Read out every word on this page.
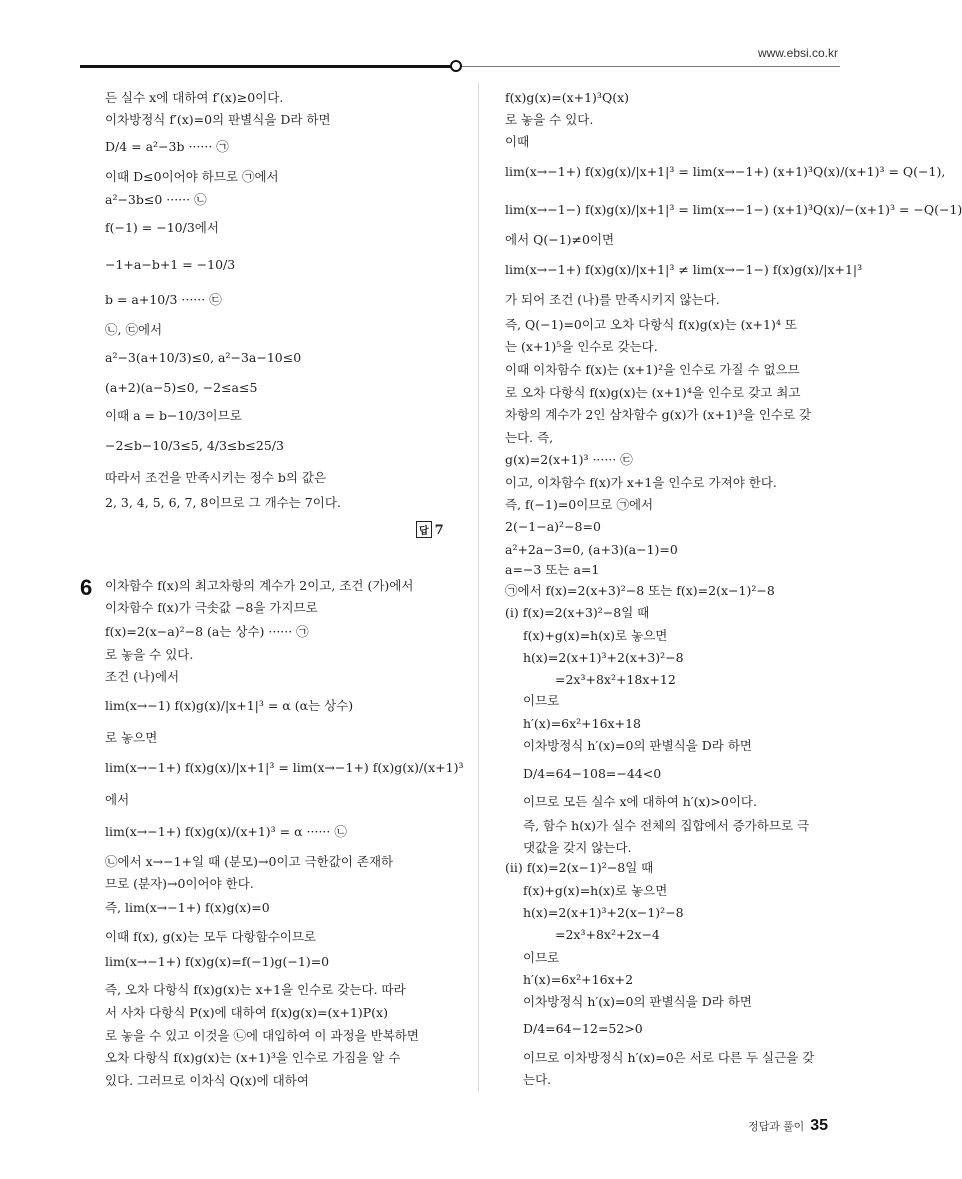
www.ebsi.co.kr
든 실수 x에 대하여 f′(x)≥0이다.
이차방정식 f′(x)=0의 판별식을 D라 하면
D/4 = a²−3b ······ ㉠
이때 D≤0이어야 하므로 ㉠에서
a²−3b≤0 ······ ㉡
f(−1) = −10/3에서
−1+a−b+1 = −10/3
b = a+10/3 ······ ㉢
㉡, ㉢에서
a²−3(a+10/3)≤0, a²−3a−10≤0
(a+2)(a−5)≤0, −2≤a≤5
이때 a = b−10/3이므로
−2≤b−10/3≤5, 4/3≤b≤25/3
따라서 조건을 만족시키는 정수 b의 값은
2, 3, 4, 5, 6, 7, 8이므로 그 개수는 7이다.
답 7
6 이차함수 f(x)의 최고차항의 계수가 2이고, 조건 (가)에서
이차함수 f(x)가 극솟값 −8을 가지므로
f(x)=2(x−a)²−8 (a는 상수) ······ ㉠
로 놓을 수 있다.
조건 (나)에서
lim(x→−1) f(x)g(x)/|x+1|³ = α (α는 상수)
로 놓으면
lim(x→−1+) f(x)g(x)/|x+1|³ = lim(x→−1+) f(x)g(x)/(x+1)³
에서
lim(x→−1+) f(x)g(x)/(x+1)³ = α ······ ㉡
㉡에서 x→−1+일 때 (분모)→0이고 극한값이 존재하
므로 (분자)→0이어야 한다.
즉, lim(x→−1+) f(x)g(x)=0
이때 f(x), g(x)는 모두 다항함수이므로
lim(x→−1+) f(x)g(x)=f(−1)g(−1)=0
즉, 오차 다항식 f(x)g(x)는 x+1을 인수로 갖는다. 따라
서 사차 다항식 P(x)에 대하여 f(x)g(x)=(x+1)P(x)
로 놓을 수 있고 이것을 ㉡에 대입하여 이 과정을 반복하면
오차 다항식 f(x)g(x)는 (x+1)³을 인수로 가짐을 알 수
있다. 그러므로 이차식 Q(x)에 대하여
f(x)g(x)=(x+1)³Q(x)
로 놓을 수 있다.
이때
lim(x→−1+) f(x)g(x)/|x+1|³ = lim(x→−1+) (x+1)³Q(x)/(x+1)³ = Q(−1),
lim(x→−1−) f(x)g(x)/|x+1|³ = lim(x→−1−) (x+1)³Q(x)/−(x+1)³ = −Q(−1)
에서 Q(−1)≠0이면
lim(x→−1+) f(x)g(x)/|x+1|³ ≠ lim(x→−1−) f(x)g(x)/|x+1|³
가 되어 조건 (나)를 만족시키지 않는다.
즉, Q(−1)=0이고 오차 다항식 f(x)g(x)는 (x+1)⁴ 또
는 (x+1)⁵을 인수로 갖는다.
이때 이차함수 f(x)는 (x+1)²을 인수로 가질 수 없으므
로 오차 다항식 f(x)g(x)는 (x+1)⁴을 인수로 갖고 최고
차항의 계수가 2인 삼차함수 g(x)가 (x+1)³을 인수로 갖
는다. 즉,
g(x)=2(x+1)³ ······ ㉢
이고, 이차함수 f(x)가 x+1을 인수로 가져야 한다.
즉, f(−1)=0이므로 ㉠에서
2(−1−a)²−8=0
a²+2a−3=0, (a+3)(a−1)=0
a=−3 또는 a=1
㉠에서 f(x)=2(x+3)²−8 또는 f(x)=2(x−1)²−8
(i) f(x)=2(x+3)²−8일 때
f(x)+g(x)=h(x)로 놓으면
h(x)=2(x+1)³+2(x+3)²−8
=2x³+8x²+18x+12
이므로
h′(x)=6x²+16x+18
이차방정식 h′(x)=0의 판별식을 D라 하면
D/4=64−108=−44<0
이므로 모든 실수 x에 대하여 h′(x)>0이다.
즉, 함수 h(x)가 실수 전체의 집합에서 증가하므로 극
댓값을 갖지 않는다.
(ii) f(x)=2(x−1)²−8일 때
f(x)+g(x)=h(x)로 놓으면
h(x)=2(x+1)³+2(x−1)²−8
=2x³+8x²+2x−4
이므로
h′(x)=6x²+16x+2
이차방정식 h′(x)=0의 판별식을 D라 하면
D/4=64−12=52>0
이므로 이차방정식 h′(x)=0은 서로 다른 두 실근을 갖
는다.
정답과 풀이 35
